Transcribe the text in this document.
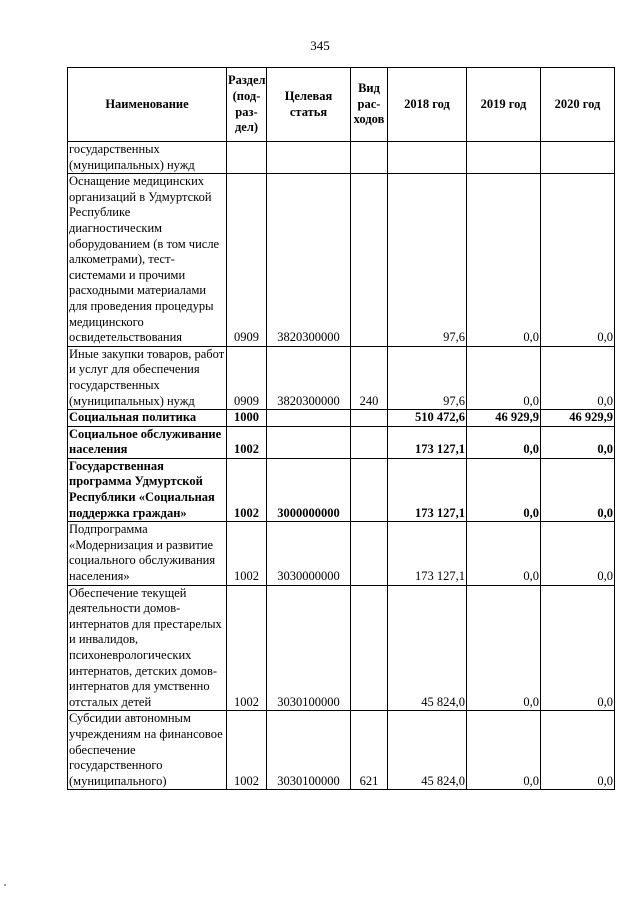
345
Наименование	Раздел (под-раз-дел)	Целевая статья	Вид рас-ходов	2018 год	2019 год	2020 год
государственных (муниципальных) нужд						
Оснащение медицинских организаций в Удмуртской Республике диагностическим оборудованием (в том числе алкометрами), тест-системами и прочими расходными материалами для проведения процедуры медицинского освидетельствования	0909	3820300000		97,6	0,0	0,0
Иные закупки товаров, работ и услуг для обеспечения государственных (муниципальных) нужд	0909	3820300000	240	97,6	0,0	0,0
Социальная политика	1000			510 472,6	46 929,9	46 929,9
Социальное обслуживание населения	1002			173 127,1	0,0	0,0
Государственная программа Удмуртской Республики «Социальная поддержка граждан»	1002	3000000000		173 127,1	0,0	0,0
Подпрограмма «Модернизация и развитие социального обслуживания населения»	1002	3030000000		173 127,1	0,0	0,0
Обеспечение текущей деятельности домов-интернатов для престарелых и инвалидов, психоневрологических интернатов, детских домов-интернатов для умственно отсталых детей	1002	3030100000		45 824,0	0,0	0,0
Субсидии автономным учреждениям на финансовое обеспечение государственного (муниципального)	1002	3030100000	621	45 824,0	0,0	0,0
